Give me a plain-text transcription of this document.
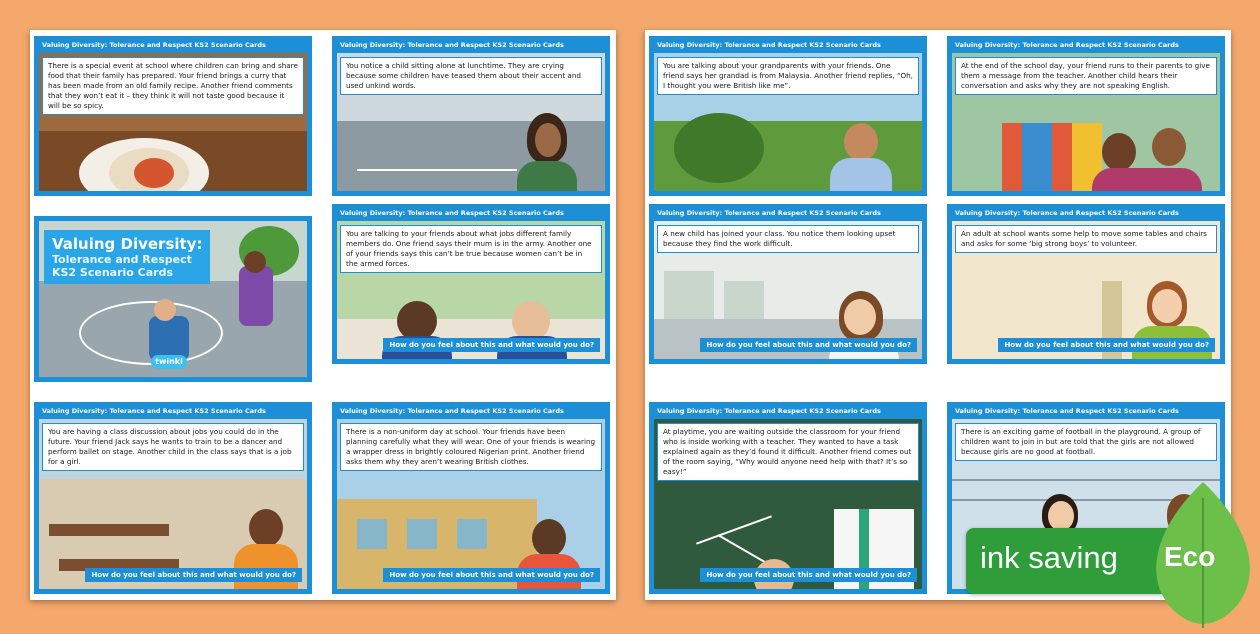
Valuing Diversity: Tolerance and Respect KS2 Scenario Cards
There is a special event at school where children can bring and share food that their family has prepared. Your friend brings a curry that has been made from an old family recipe. Another friend comments that they won’t eat it – they think it will not taste good because it will be so spicy.
Valuing Diversity: Tolerance and Respect KS2 Scenario Cards
You notice a child sitting alone at lunchtime. They are crying because some children have teased them about their accent and used unkind words.
twinkl
Valuing Diversity:
Tolerance and Respect
KS2 Scenario Cards
Valuing Diversity: Tolerance and Respect KS2 Scenario Cards
You are talking to your friends about what jobs different family members do. One friend says their mum is in the army. Another one of your friends says this can’t be true because women can’t be in the armed forces.
How do you feel about this and what would you do?
Valuing Diversity: Tolerance and Respect KS2 Scenario Cards
You are having a class discussion about jobs you could do in the future. Your friend Jack says he wants to train to be a dancer and perform ballet on stage. Another child in the class says that is a job for a girl.
How do you feel about this and what would you do?
Valuing Diversity: Tolerance and Respect KS2 Scenario Cards
There is a non-uniform day at school. Your friends have been planning carefully what they will wear. One of your friends is wearing a wrapper dress in brightly coloured Nigerian print. Another friend asks them why they aren’t wearing British clothes.
How do you feel about this and what would you do?
Valuing Diversity: Tolerance and Respect KS2 Scenario Cards
You are talking about your grandparents with your friends. One friend says her grandad is from Malaysia. Another friend replies, “Oh, I thought you were British like me”.
Valuing Diversity: Tolerance and Respect KS2 Scenario Cards
At the end of the school day, your friend runs to their parents to give them a message from the teacher. Another child hears their conversation and asks why they are not speaking English.
Valuing Diversity: Tolerance and Respect KS2 Scenario Cards
A new child has joined your class. You notice them looking upset because they find the work difficult.
How do you feel about this and what would you do?
Valuing Diversity: Tolerance and Respect KS2 Scenario Cards
An adult at school wants some help to move some tables and chairs and asks for some ‘big strong boys’ to volunteer.
How do you feel about this and what would you do?
Valuing Diversity: Tolerance and Respect KS2 Scenario Cards
At playtime, you are waiting outside the classroom for your friend who is inside working with a teacher. They wanted to have a task explained again as they’d found it difficult. Another friend comes out of the room saying, “Why would anyone need help with that? It’s so easy!”
How do you feel about this and what would you do?
Valuing Diversity: Tolerance and Respect KS2 Scenario Cards
There is an exciting game of football in the playground. A group of children want to join in but are told that the girls are not allowed because girls are no good at football.
ink saving Eco
